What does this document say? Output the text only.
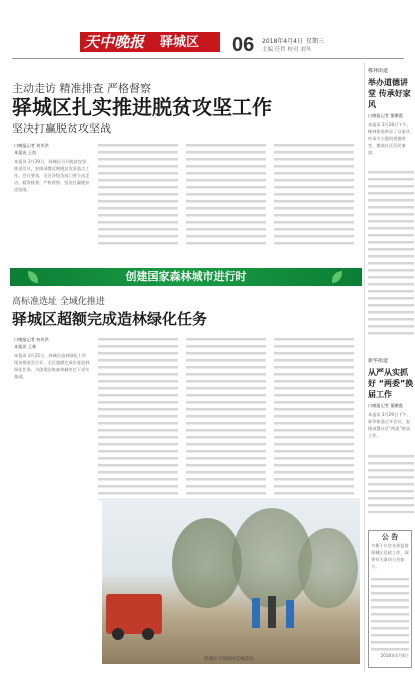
天中晚报 驿城区 06 2018年4月4日 星期三
主编 任哲 校对 刘冬
主动走访 精准排查 严格督察
驿城区扎实推进脱贫攻坚工作
坚决打赢脱贫攻坚战
口晚报记者 何传洪
本报讯 王凯
本报讯 3月29日，驿城区召开脱贫攻坚推进会议，安排部署近期脱贫攻坚重点工作。会议要求，全区各级各部门要主动走访、精准排查、严格督察，坚决打赢脱贫攻坚战。
创建国家森林城市进行时
高标准选址 全域化推进
驿城区超额完成造林绿化任务
口晚报记者 何传洪
本报讯 王新
本报讯 3月25日，驿城区造林绿化工作现场推进会召开。全区超额完成年度造林绿化任务，为创建国家森林城市打下坚实基础。
驿城区开展植树造林活动。
橡林街道
举办道德讲堂 传承好家风
口晚报记者 董鹏震
本报讯 3月28日下午，橡林街道举办了以家风传承为主题的道德讲堂，邀请社区居民参加。
新华街道
从严从实抓好 “两委”换届工作
口晚报记者 董鹏震
本报讯 3月29日下午，新华街道召开会议，安排部署社区“两委”换届工作。
公 告
为便于社会各界监督驿城区民政工作，现将有关事项公告如下。
2018年4月4日
